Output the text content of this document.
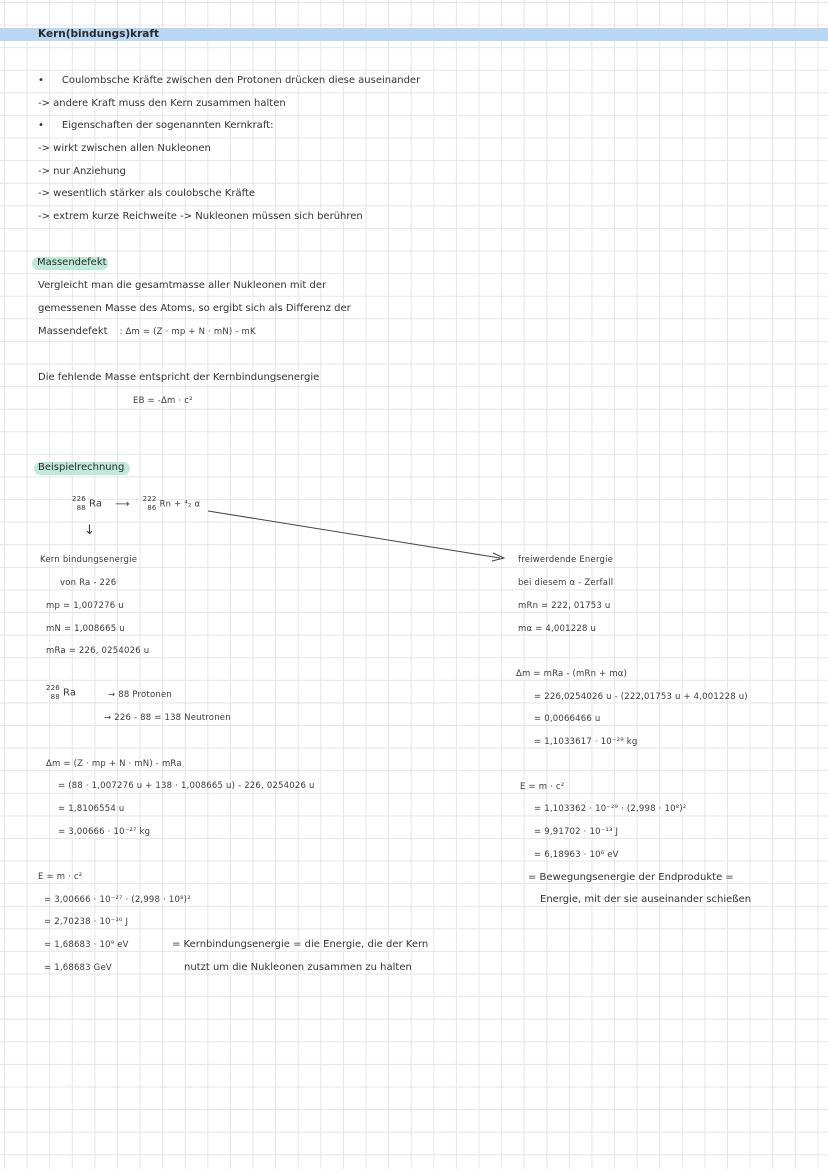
Kern(bindungs)kraft
• Coulombsche Kräfte zwischen den Protonen drücken diese auseinander
-> andere Kraft muss den Kern zusammen halten
• Eigenschaften der sogenannten Kernkraft:
-> wirkt zwischen allen Nukleonen
-> nur Anziehung
-> wesentlich stärker als coulobsche Kräfte
-> extrem kurze Reichweite -> Nukleonen müssen sich berühren
Massendefekt
Vergleicht man die gesamtmasse aller Nukleonen mit der
gemessenen Masse des Atoms, so ergibt sich als Differenz der
Massendefekt : Δm = (Z · mp + N · mN) - mK
Die fehlende Masse entspricht der Kernbindungsenergie
EB = -Δm · c²
Beispielrechnung
226
88 Ra ⟶ 222
86 Rn + ⁴₂ α
↓
Kern bindungsenergie
von Ra - 226
mp = 1,007276 u
mN = 1,008665 u
mRa = 226, 0254026 u
226
88 Ra	→ 88 Protonen
→ 226 - 88 = 138 Neutronen
Δm = (Z · mp + N · mN) - mRa
= (88 · 1,007276 u + 138 · 1,008665 u) - 226, 0254026 u
= 1,8106554 u
= 3,00666 · 10⁻²⁷ kg
E = m · c²
= 3,00666 · 10⁻²⁷ · (2,998 · 10⁸)²
= 2,70238 · 10⁻¹⁰ J
= 1,68683 · 10⁹ eV
= 1,68683 GeV
= Kernbindungsenergie = die Energie, die der Kern
nutzt um die Nukleonen zusammen zu halten
freiwerdende Energie
bei diesem α - Zerfall
mRn = 222, 01753 u
mα = 4,001228 u
Δm = mRa - (mRn + mα)
= 226,0254026 u - (222,01753 u + 4,001228 u)
= 0,0066466 u
= 1,1033617 · 10⁻²⁹ kg
E = m · c²
= 1,103362 · 10⁻²⁹ · (2,998 · 10⁸)²
= 9,91702 · 10⁻¹³ J
= 6,18963 · 10⁶ eV
= Bewegungsenergie der Endprodukte =
Energie, mit der sie auseinander schießen
